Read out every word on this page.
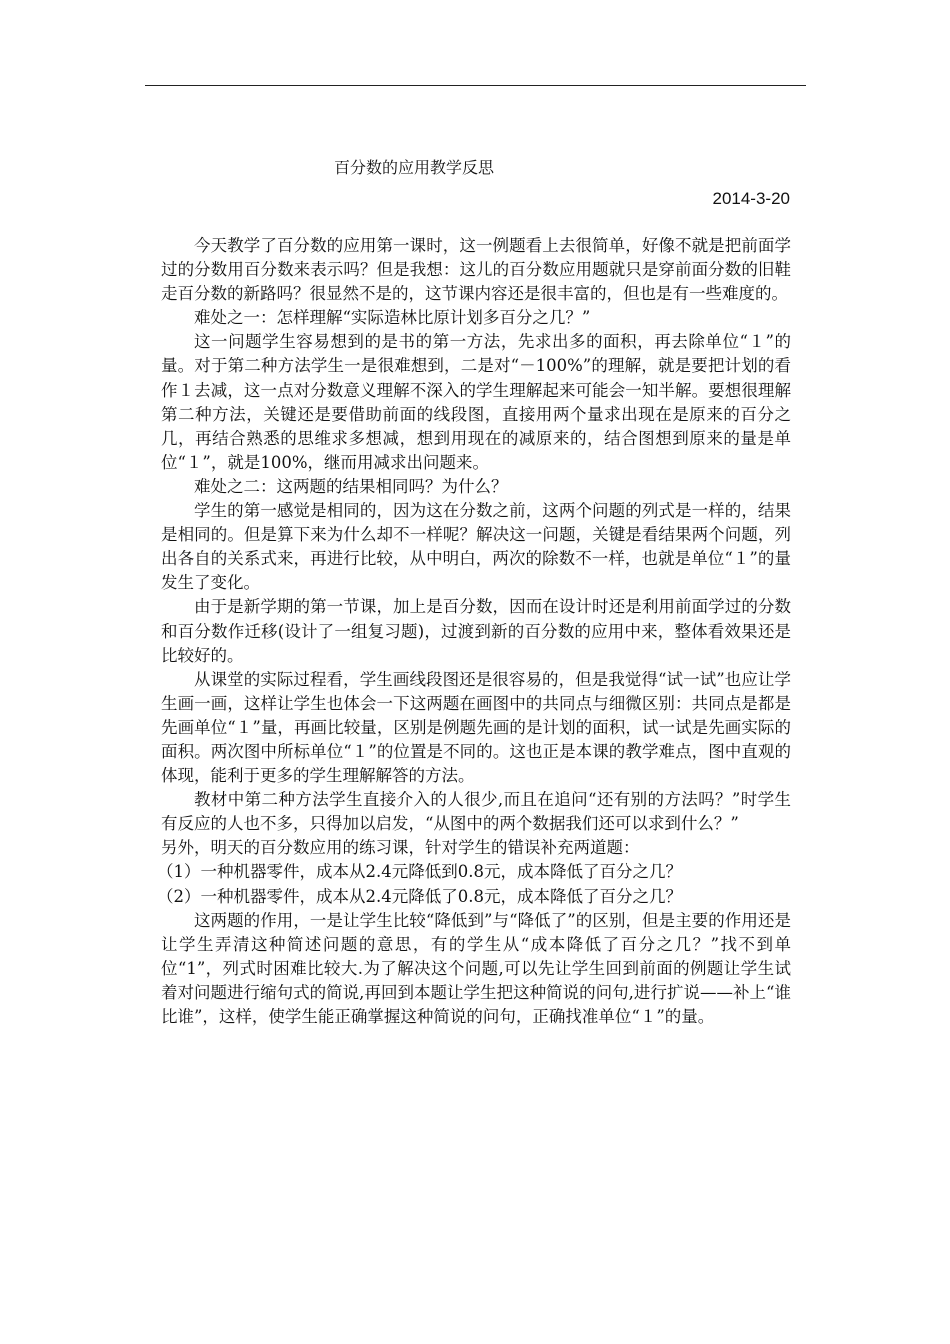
百分数的应用教学反思
2014-3-20

今天教学了百分数的应用第一课时，这一例题看上去很简单，好像不就是把前面学过的分数用百分数来表示吗？但是我想：这儿的百分数应用题就只是穿前面分数的旧鞋走百分数的新路吗？很显然不是的，这节课内容还是很丰富的，但也是有一些难度的。

难处之一：怎样理解“实际造林比原计划多百分之几？”

这一问题学生容易想到的是书的第一方法，先求出多的面积，再去除单位“１”的量。对于第二种方法学生一是很难想到，二是对“－100%”的理解，就是要把计划的看作１去减，这一点对分数意义理解不深入的学生理解起来可能会一知半解。要想很理解第二种方法，关键还是要借助前面的线段图，直接用两个量求出现在是原来的百分之几，再结合熟悉的思维求多想减，想到用现在的减原来的，结合图想到原来的量是单位“１”，就是100%，继而用减求出问题来。

难处之二：这两题的结果相同吗？为什么？

学生的第一感觉是相同的，因为这在分数之前，这两个问题的列式是一样的，结果是相同的。但是算下来为什么却不一样呢？解决这一问题，关键是看结果两个问题，列出各自的关系式来，再进行比较，从中明白，两次的除数不一样，也就是单位“１”的量发生了变化。

由于是新学期的第一节课，加上是百分数，因而在设计时还是利用前面学过的分数和百分数作迁移(设计了一组复习题)，过渡到新的百分数的应用中来，整体看效果还是比较好的。

从课堂的实际过程看，学生画线段图还是很容易的，但是我觉得“试一试”也应让学生画一画，这样让学生也体会一下这两题在画图中的共同点与细微区别：共同点是都是先画单位“１”量，再画比较量，区别是例题先画的是计划的面积，试一试是先画实际的面积。两次图中所标单位“１”的位置是不同的。这也正是本课的教学难点，图中直观的体现，能利于更多的学生理解解答的方法。

教材中第二种方法学生直接介入的人很少,而且在追问“还有别的方法吗？”时学生有反应的人也不多，只得加以启发，“从图中的两个数据我们还可以求到什么？”

另外，明天的百分数应用的练习课，针对学生的错误补充两道题：

（1）一种机器零件，成本从2.4元降低到0.8元，成本降低了百分之几？

（2）一种机器零件，成本从2.4元降低了0.8元，成本降低了百分之几？

这两题的作用，一是让学生比较“降低到”与“降低了”的区别，但是主要的作用还是让学生弄清这种简述问题的意思，有的学生从“成本降低了百分之几？”找不到单位“1”，列式时困难比较大.为了解决这个问题,可以先让学生回到前面的例题让学生试着对问题进行缩句式的简说,再回到本题让学生把这种简说的问句,进行扩说——补上“谁比谁”，这样，使学生能正确掌握这种简说的问句，正确找准单位“１”的量。
